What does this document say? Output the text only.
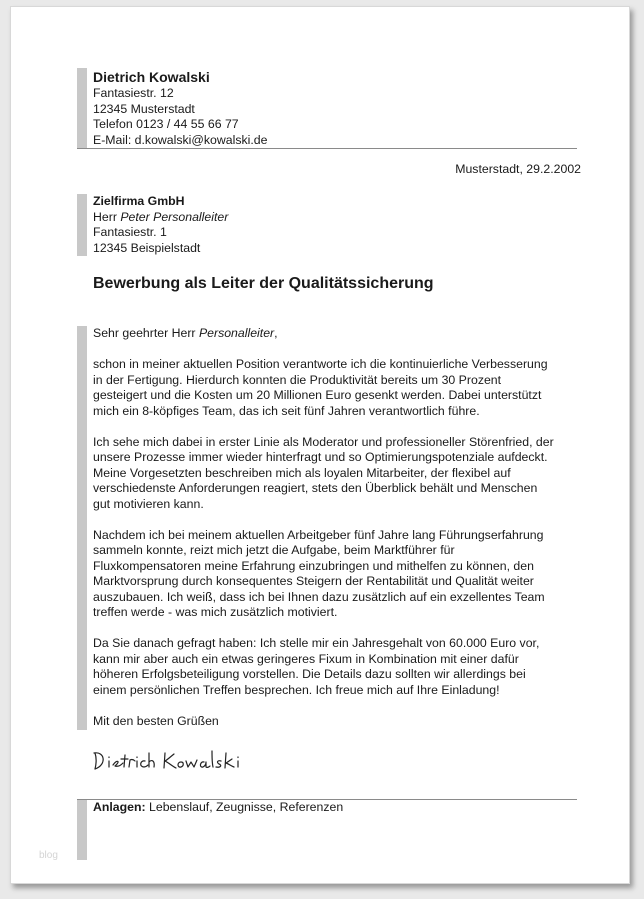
Dietrich Kowalski
Fantasiestr. 12
12345 Musterstadt
Telefon 0123 / 44 55 66 77
E-Mail: d.kowalski@kowalski.de
Musterstadt, 29.2.2002
Zielfirma GmbH
Herr Peter Personalleiter
Fantasiestr. 1
12345 Beispielstadt
Bewerbung als Leiter der Qualitätssicherung

Sehr geehrter Herr Personalleiter,

schon in meiner aktuellen Position verantworte ich die kontinuierliche Verbesserung
in der Fertigung. Hierdurch konnten die Produktivität bereits um 30 Prozent
gesteigert und die Kosten um 20 Millionen Euro gesenkt werden. Dabei unterstützt
mich ein 8-köpfiges Team, das ich seit fünf Jahren verantwortlich führe.

Ich sehe mich dabei in erster Linie als Moderator und professioneller Störenfried, der
unsere Prozesse immer wieder hinterfragt und so Optimierungspotenziale aufdeckt.
Meine Vorgesetzten beschreiben mich als loyalen Mitarbeiter, der flexibel auf
verschiedenste Anforderungen reagiert, stets den Überblick behält und Menschen
gut motivieren kann.

Nachdem ich bei meinem aktuellen Arbeitgeber fünf Jahre lang Führungserfahrung
sammeln konnte, reizt mich jetzt die Aufgabe, beim Marktführer für
Fluxkompensatoren meine Erfahrung einzubringen und mithelfen zu können, den
Marktvorsprung durch konsequentes Steigern der Rentabilität und Qualität weiter
auszubauen. Ich weiß, dass ich bei Ihnen dazu zusätzlich auf ein exzellentes Team
treffen werde - was mich zusätzlich motiviert.

Da Sie danach gefragt haben: Ich stelle mir ein Jahresgehalt von 60.000 Euro vor,
kann mir aber auch ein etwas geringeres Fixum in Kombination mit einer dafür
höheren Erfolgsbeteiligung vorstellen. Die Details dazu sollten wir allerdings bei
einem persönlichen Treffen besprechen. Ich freue mich auf Ihre Einladung!

Mit den besten Grüßen

Anlagen: Lebenslauf, Zeugnisse, Referenzen
blog
